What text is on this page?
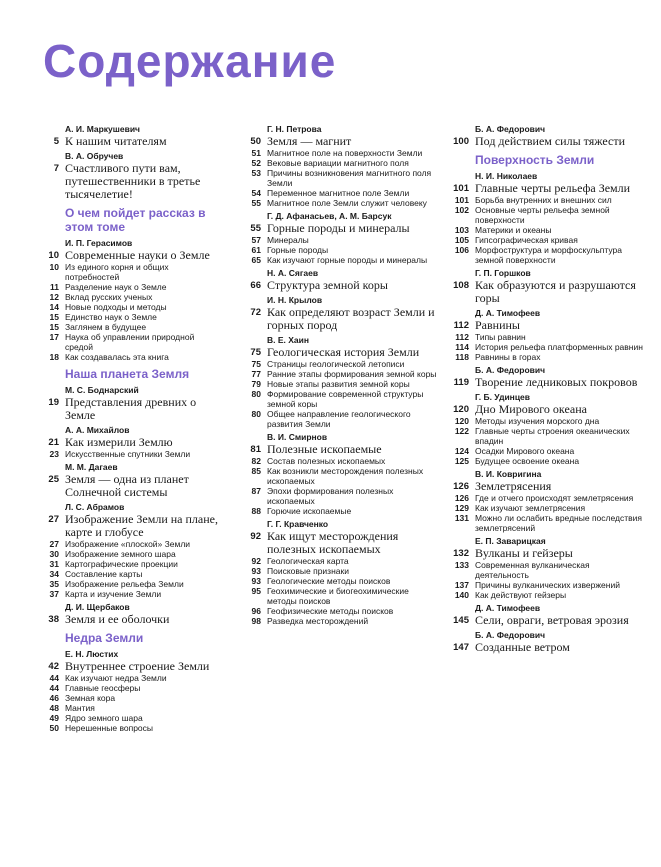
Содержание
А. И. Маркушевич
5 К нашим читателям
В. А. Обручев
7 Счастливого пути вам, путешественники в третье тысячелетие!
О чем пойдет рассказ в этом томе
И. П. Герасимов
10 Современные науки о Земле
10 Из единого корня и общих потребностей
11 Разделение наук о Земле
12 Вклад русских ученых
14 Новые подходы и методы
15 Единство наук о Земле
15 Заглянем в будущее
17 Наука об управлении природной средой
18 Как создавалась эта книга
Наша планета Земля
М. С. Боднарский
19 Представления древних о Земле
А. А. Михайлов
21 Как измерили Землю
23 Искусственные спутники Земли
М. М. Дагаев
25 Земля — одна из планет Солнечной системы
Л. С. Абрамов
27 Изображение Земли на плане, карте и глобусе
27 Изображение «плоской» Земли
30 Изображение земного шара
31 Картографические проекции
34 Составление карты
35 Изображение рельефа Земли
37 Карта и изучение Земли
Д. И. Щербаков
38 Земля и ее оболочки
Недра Земли
Е. Н. Люстих
42 Внутреннее строение Земли
44 Как изучают недра Земли
44 Главные геосферы
46 Земная кора
48 Мантия
49 Ядро земного шара
50 Нерешенные вопросы
Г. Н. Петрова
50 Земля — магнит
51 Магнитное поле на поверхности Земли
52 Вековые вариации магнитного поля
53 Причины возникновения магнитного поля Земли
54 Переменное магнитное поле Земли
55 Магнитное поле Земли служит человеку
Г. Д. Афанасьев, А. М. Барсук
55 Горные породы и минералы
57 Минералы
61 Горные породы
65 Как изучают горные породы и минералы
Н. А. Сягаев
66 Структура земной коры
И. Н. Крылов
72 Как определяют возраст Земли и горных пород
В. Е. Хаин
75 Геологическая история Земли
75 Страницы геологической летописи
77 Ранние этапы формирования земной коры
79 Новые этапы развития земной коры
80 Формирование современной структуры земной коры
80 Общее направление геологического развития Земли
В. И. Смирнов
81 Полезные ископаемые
82 Состав полезных ископаемых
85 Как возникли месторождения полезных ископаемых
87 Эпохи формирования полезных ископаемых
88 Горючие ископаемые
Г. Г. Кравченко
92 Как ищут месторождения полезных ископаемых
92 Геологическая карта
93 Поисковые признаки
93 Геологические методы поисков
95 Геохимические и биогеохимические методы поисков
96 Геофизические методы поисков
98 Разведка месторождений
Б. А. Федорович
100 Под действием силы тяжести
Поверхность Земли
Н. И. Николаев
101 Главные черты рельефа Земли
101 Борьба внутренних и внешних сил
102 Основные черты рельефа земной поверхности
103 Материки и океаны
105 Гипсографическая кривая
106 Морфоструктура и морфоскульптура земной поверхности
Г. П. Горшков
108 Как образуются и разрушаются горы
Д. А. Тимофеев
112 Равнины
112 Типы равнин
114 История рельефа платформенных равнин
118 Равнины в горах
Б. А. Федорович
119 Творение ледниковых покровов
Г. Б. Удинцев
120 Дно Мирового океана
120 Методы изучения морского дна
122 Главные черты строения океанических впадин
124 Осадки Мирового океана
125 Будущее освоение океана
В. И. Ковригина
126 Землетрясения
126 Где и отчего происходят землетрясения
129 Как изучают землетрясения
131 Можно ли ослабить вредные последствия землетрясений
Е. П. Заварицкая
132 Вулканы и гейзеры
133 Современная вулканическая деятельность
137 Причины вулканических извержений
140 Как действуют гейзеры
Д. А. Тимофеев
145 Сели, овраги, ветровая эрозия
Б. А. Федорович
147 Созданные ветром
